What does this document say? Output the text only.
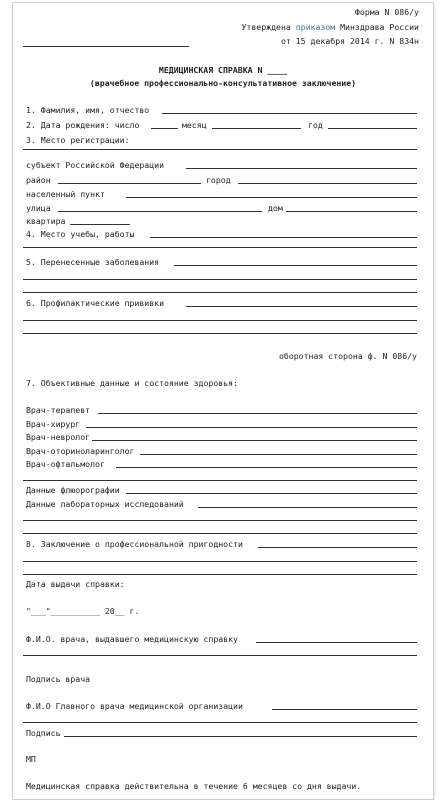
Форма N 086/у
Утверждена приказом Минздрава России
от 15 декабря 2014 г. N 834н
МЕДИЦИНСКАЯ СПРАВКА N ____
(врачебное профессионально-консультативное заключение)
1. Фамилия, имя, отчество
2. Дата рождения: число	месяц	год
3. Место регистрации:
субъект Российской Федерации
район	город
населенный пункт
улица	дом
квартира
4. Место учебы, работы
5. Перенесенные заболевания
6. Профилактические прививки
оборотная сторона ф. N 086/у
7. Объективные данные и состояние здоровья:
Врач-терапевт
Врач-хирург
Врач-невролог
Врач-оториноларинголог
Врач-офтальмолог
Данные флюорографии
Данные лабораторных исследований
8. Заключение о профессиональной пригодности
Дата выдачи справки:
"___"__________ 20__ г.
Ф.И.О. врача, выдавшего медицинскую справку
Подпись врача
Ф.И.О Главного врача медицинской организации
Подпись
МП
Медицинская справка действительна в течение 6 месяцев со дня выдачи.
